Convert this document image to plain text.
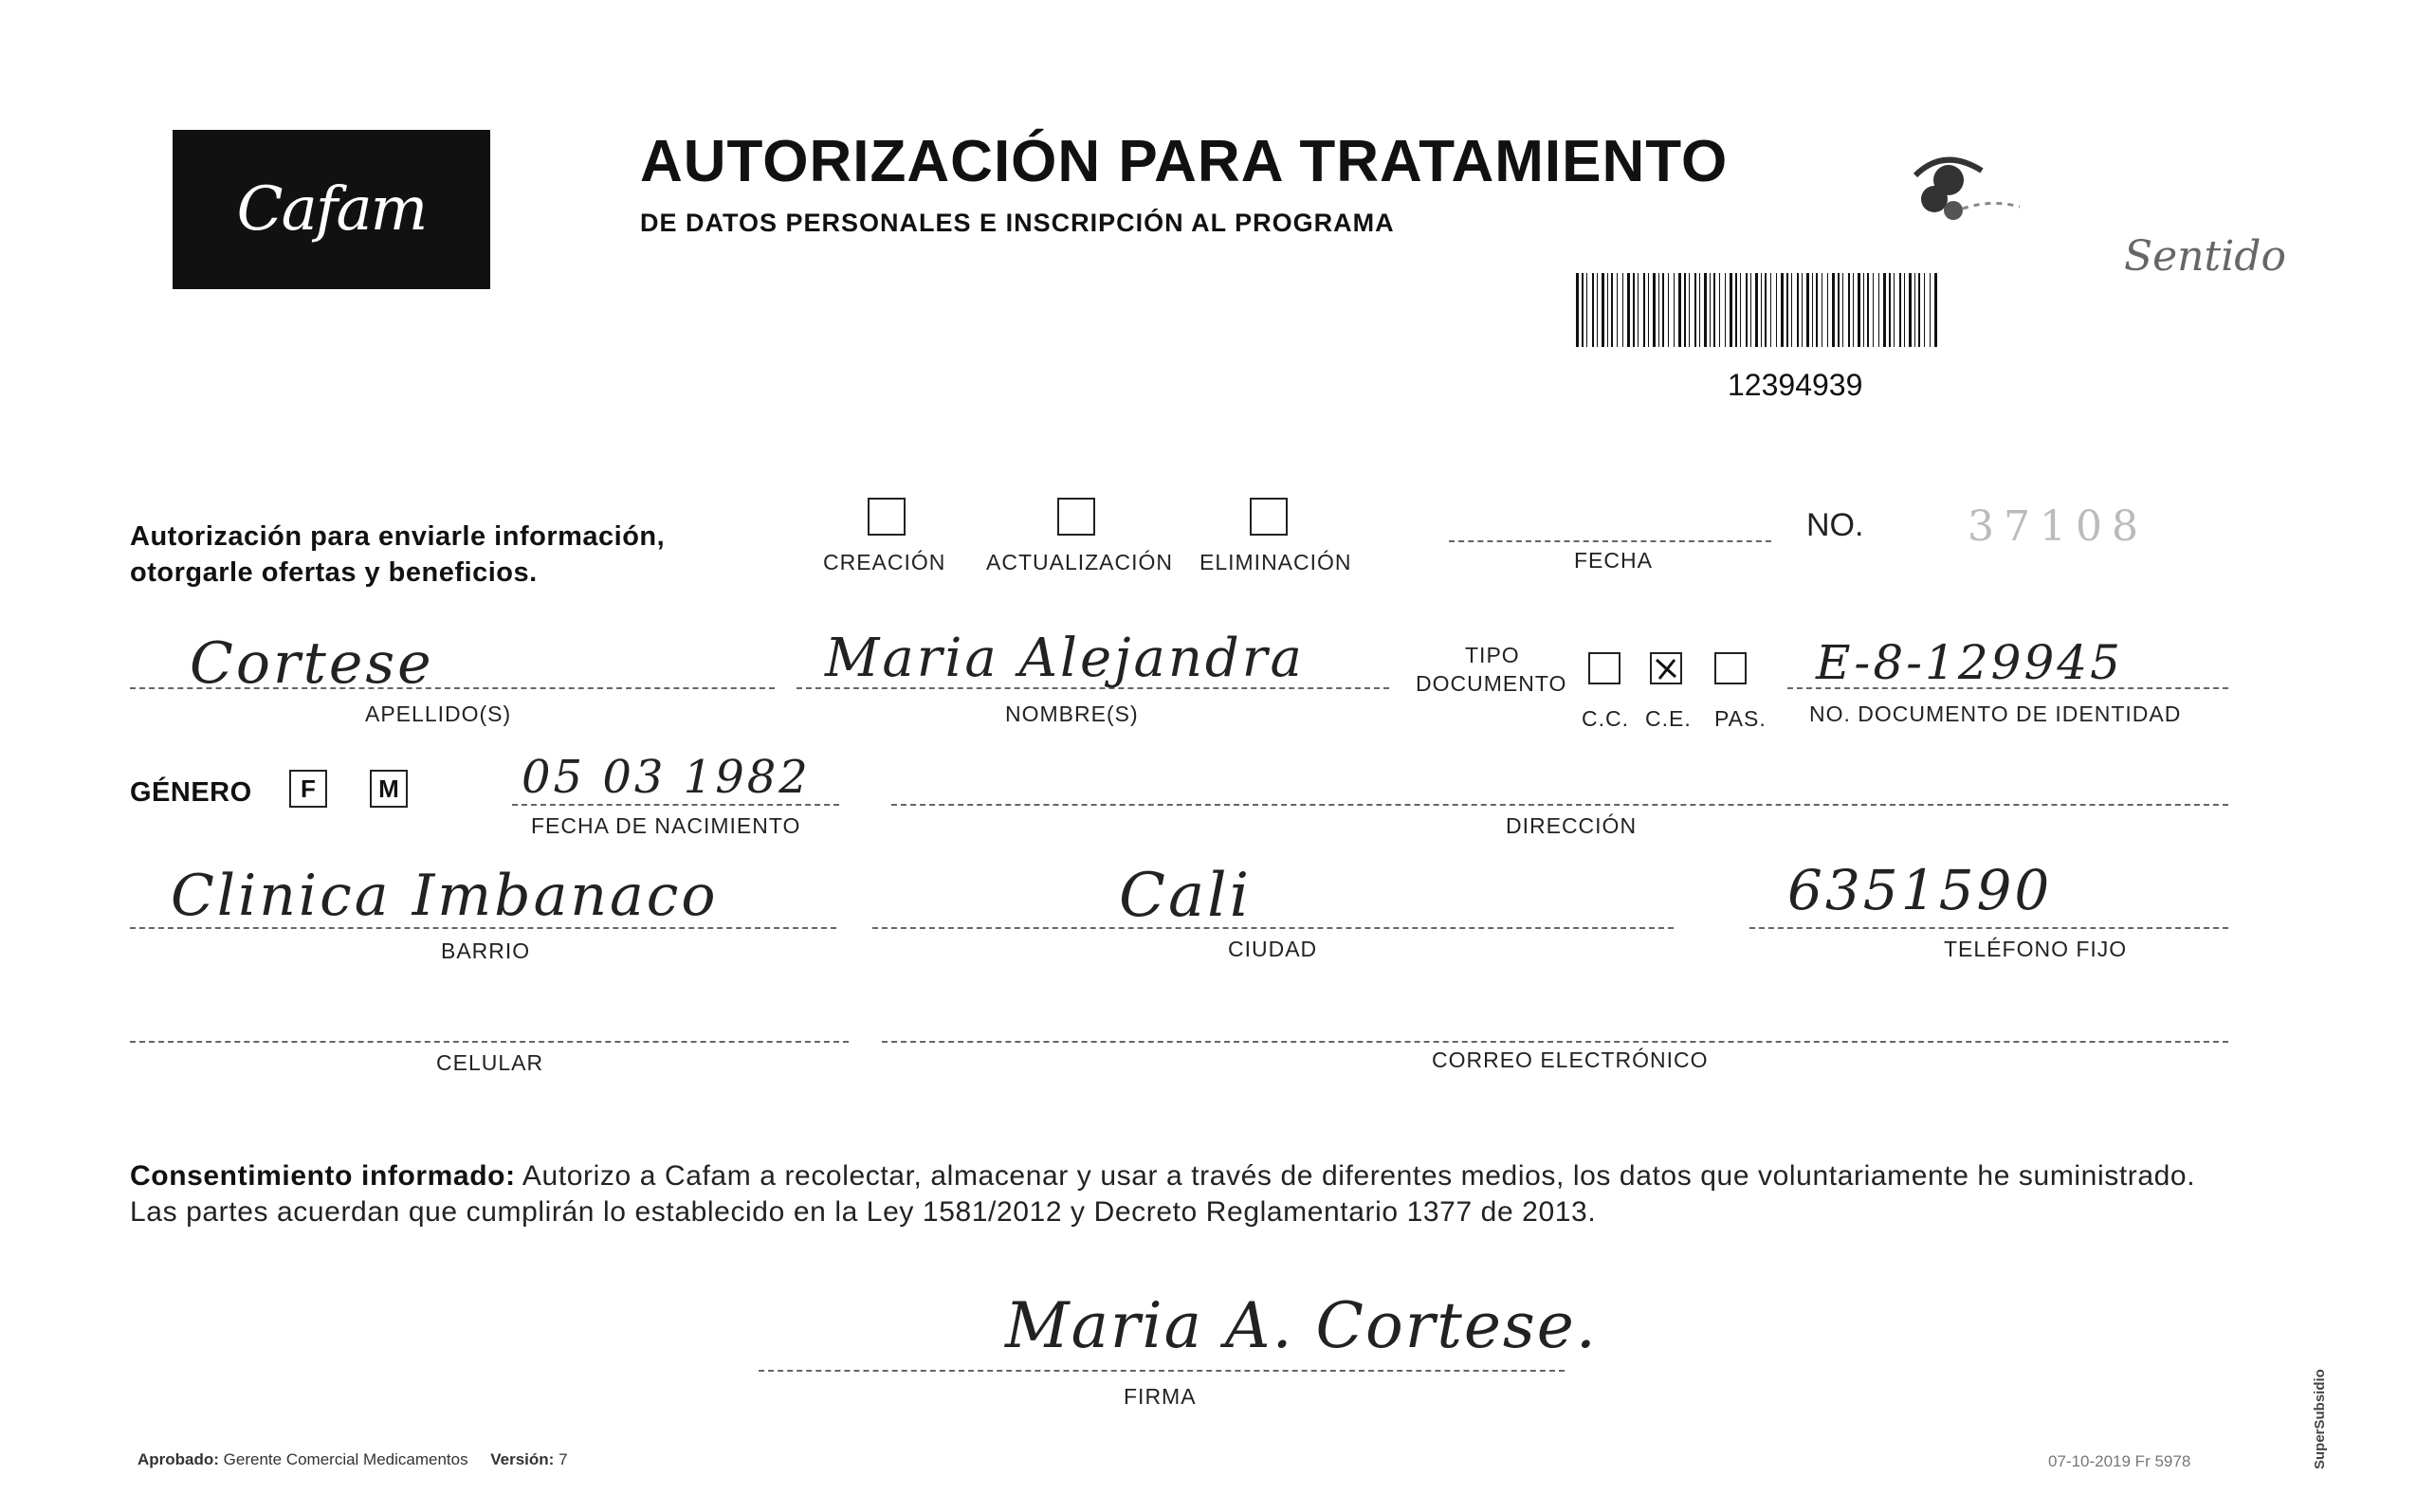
Cafam
AUTORIZACIÓN PARA TRATAMIENTO
DE DATOS PERSONALES E INSCRIPCIÓN AL PROGRAMA
Sentido
12394939
Autorización para enviarle información,
otorgarle ofertas y beneficios.	CREACIÓN ACTUALIZACIÓN ELIMINACIÓN	FECHA
NO. 37108
Cortese
APELLIDO(S)
Maria Alejandra
NOMBRE(S)
TIPO
DOCUMENTO
C.C. C.E. PAS.
E-8-129945
NO. DOCUMENTO DE IDENTIDAD
GÉNERO F	M	05 03 1982
FECHA DE NACIMIENTO	DIRECCIÓN
Clinica Imbanaco
BARRIO
Cali
CIUDAD
6351590
TELÉFONO FIJO
CELULAR	CORREO ELECTRÓNICO
Consentimiento informado: Autorizo a Cafam a recolectar, almacenar y usar a través de diferentes medios, los datos que voluntariamente he suministrado. Las partes acuerdan que cumplirán lo establecido en la Ley 1581/2012 y Decreto Reglamentario 1377 de 2013.
Maria A. Cortese.
FIRMA
Aprobado: Gerente Comercial Medicamentos Versión: 7	07-10-2019 Fr 5978	SuperSubsidio
